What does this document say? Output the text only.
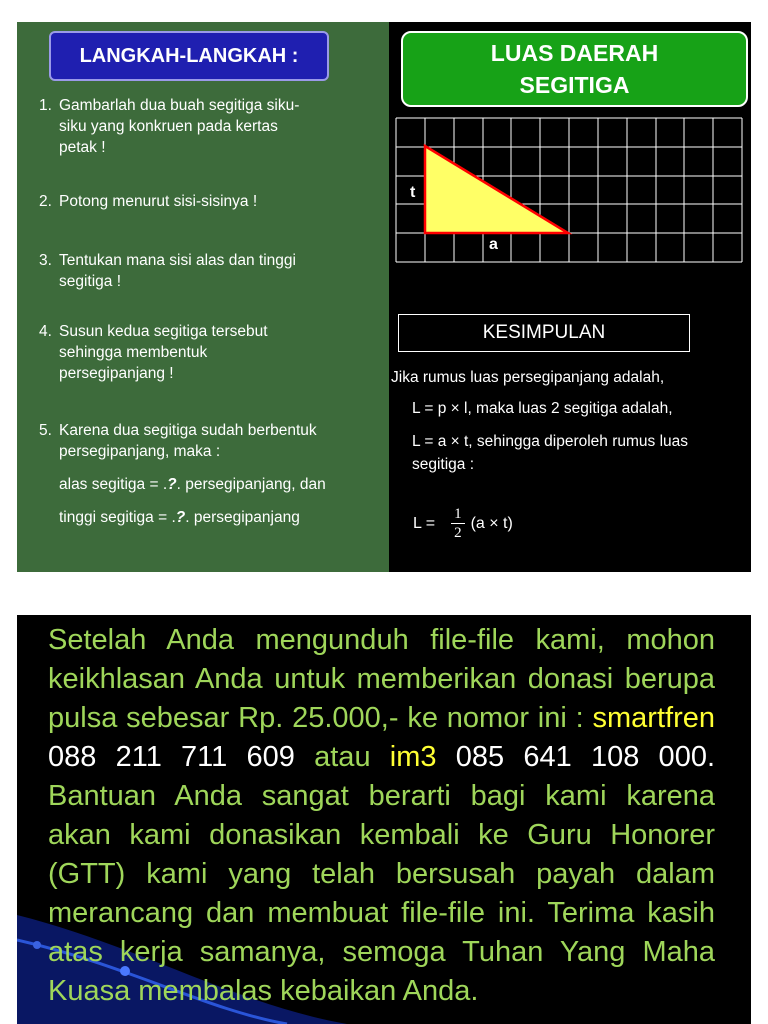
LANGKAH-LANGKAH :
1. Gambarlah dua buah segitiga siku-
siku yang konkruen pada kertas
petak !
2. Potong menurut sisi-sisinya !
3. Tentukan mana sisi alas dan tinggi
segitiga !
4. Susun kedua segitiga tersebut
sehingga membentuk
persegipanjang !
5. Karena dua segitiga sudah berbentuk
persegipanjang, maka :
alas segitiga = .?. persegipanjang, dan
tinggi segitiga = .?. persegipanjang
LUAS DAERAH
SEGITIGA
t
a
KESIMPULAN
Jika rumus luas persegipanjang adalah,
L = p × l, maka luas 2 segitiga adalah,
L = a × t, sehingga diperoleh rumus luas
segitiga :
$L = \frac{1}{2} (a \times t)$
Setelah Anda mengunduh file-file kami, mohon keikhlasan Anda untuk memberikan donasi berupa pulsa sebesar Rp. 25.000,- ke nomor ini : smartfren 088 211 711 609 atau im3 085 641 108 000. Bantuan Anda sangat berarti bagi kami karena akan kami donasikan kembali ke Guru Honorer (GTT) kami yang telah bersusah payah dalam merancang dan membuat file-file ini. Terima kasih atas kerja samanya, semoga Tuhan Yang Maha Kuasa membalas kebaikan Anda.
